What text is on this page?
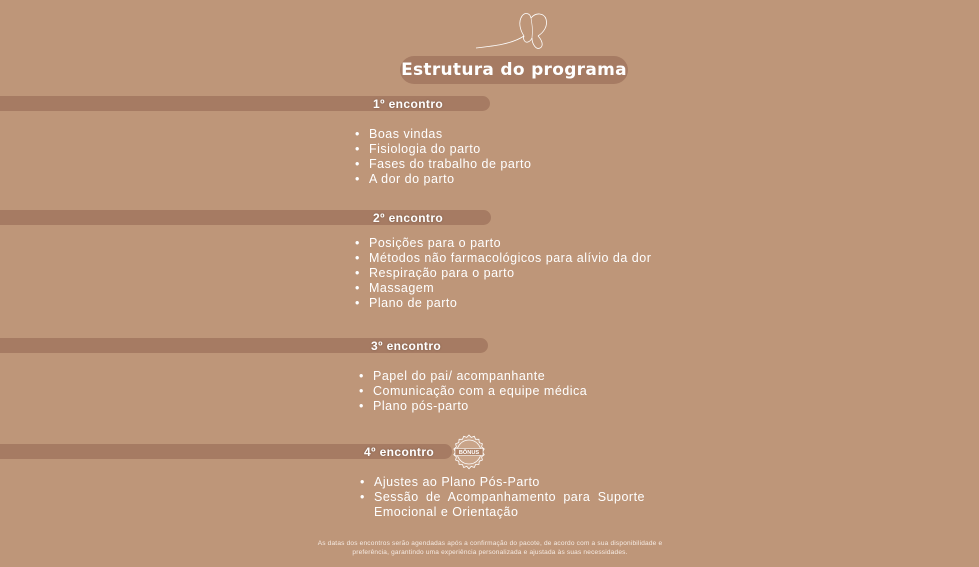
Estrutura do programa
1º encontro
• Boas vindas
• Fisiologia do parto
• Fases do trabalho de parto
• A dor do parto
2º encontro
• Posições para o parto
• Métodos não farmacológicos para alívio da dor
• Respiração para o parto
• Massagem
• Plano de parto
3º encontro
• Papel do pai/ acompanhante
• Comunicação com a equipe médica
• Plano pós-parto
4º encontro	BÔNUS
• Ajustes ao Plano Pós-Parto
• Sessão de Acompanhamento para Suporte Emocional e Orientação
As datas dos encontros serão agendadas após a confirmação do pacote, de acordo com a sua disponibilidade e
preferência, garantindo uma experiência personalizada e ajustada às suas necessidades.
